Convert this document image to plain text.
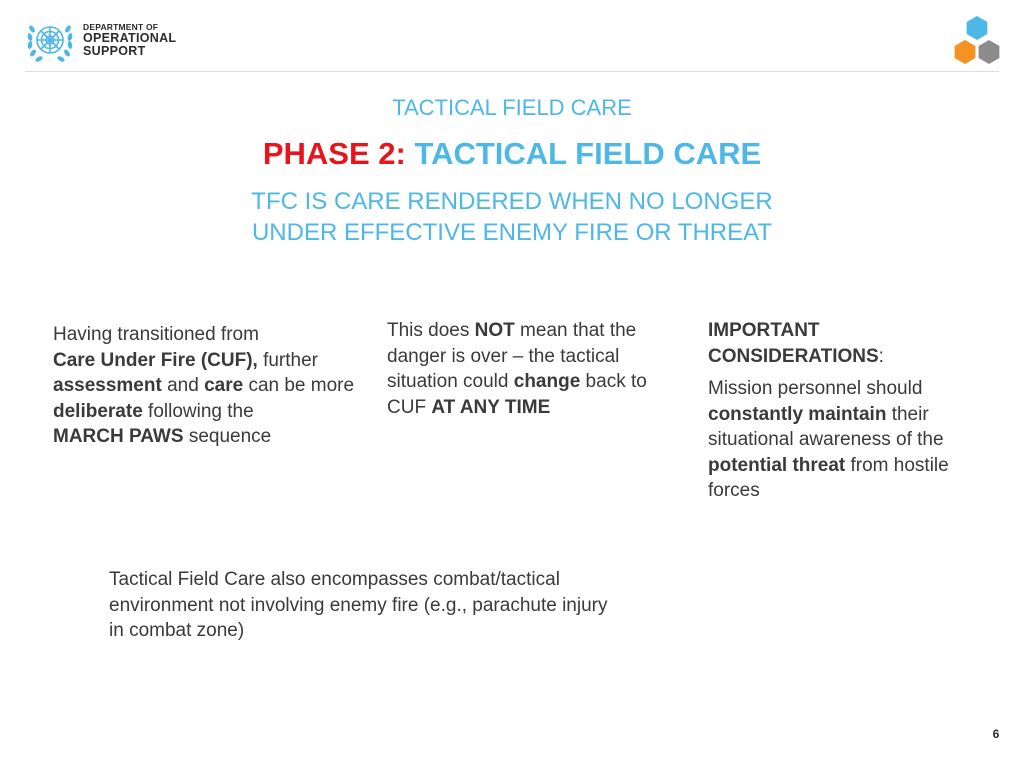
DEPARTMENT OF
OPERATIONAL
SUPPORT
TACTICAL FIELD CARE
PHASE 2: TACTICAL FIELD CARE
TFC IS CARE RENDERED WHEN NO LONGER UNDER EFFECTIVE ENEMY FIRE OR THREAT
Having transitioned from
Care Under Fire (CUF), further
assessment and care can be more deliberate following the
MARCH PAWS sequence
This does NOT mean that the danger is over – the tactical situation could change back to CUF AT ANY TIME
IMPORTANT CONSIDERATIONS:
Mission personnel should constantly maintain their situational awareness of the potential threat from hostile forces
Tactical Field Care also encompasses combat/tactical environment not involving enemy fire (e.g., parachute injury in combat zone)
6
